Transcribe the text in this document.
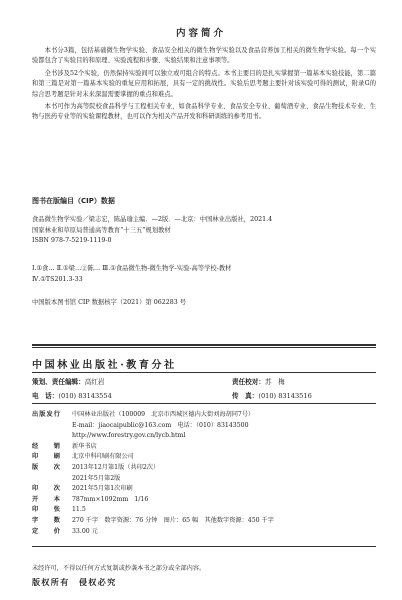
内容简介

本书分3篇，包括基础微生物学实验、食品安全相关的微生物学实验以及食品营养加工相关的微生物学实验。每一个实验都包含了实验目的和原理、实验流程和步骤、实验结果和注意事项等。

全书涉及52个实验，仍然保持实验间可以独立或可组合的特点。本书主要目的是扎实掌握第一篇基本实验技能，第二篇和第三篇是对第一篇基本实验的重复应用和拓展，具有一定的挑战性。实验后思考题主要针对该实验可得的测试，附录G的综合思考题是针对未来深温需要掌握的重点和难点。

本书可作为高等院校食品科学与工程相关专业，如食品科学专业、食品安全专业、葡萄酒专业、食品生物技术专业、生物与医药专业等的实验课程教材，也可以作为相关产品开发和科研训练的参考用书。

图书在版编目（CIP）数据
食品微生物学实验／梁志宏，陈晶瑜主编．—2版．—北京：中国林业出版社，2021.4
国家林业和草原局普通高等教育“十三五”规划教材
ISBN 978-7-5219-1119-0
Ⅰ.①食… Ⅱ.①梁…②陈… Ⅲ.①食品微生物-微生物学-实验-高等学校-教材
Ⅳ.①TS201.3-33
中国版本图书馆 CIP 数据核字（2021）第 062283 号
中国林业出版社·教育分社
策划、责任编辑：高红岩	责任校对：苏　梅
电　话：(010) 83143554	传　真：(010) 83143516
出版发行 中国林业出版社（100009　北京市西城区德内大街刘海胡同7号）
E-mail：jiaocaipublic@163.com　电话：（010）83143500
http://www.forestry.gov.cn/lycb.html
经销 新华书店
印刷 北京中科印刷有限公司
版次 2013年12月第1版（共印2次）
2021年5月第2版
印次 2021年5月第1次印刷
开本 787mm×1092mm　1/16
印张 11.5
字数 270 千字　数字资源：76 分钟　图片：65 幅　其他数字资源：450 千字
定价 33.00 元
未经许可，不得以任何方式复制或抄袭本书之部分或全部内容。
版权所有　侵权必究
